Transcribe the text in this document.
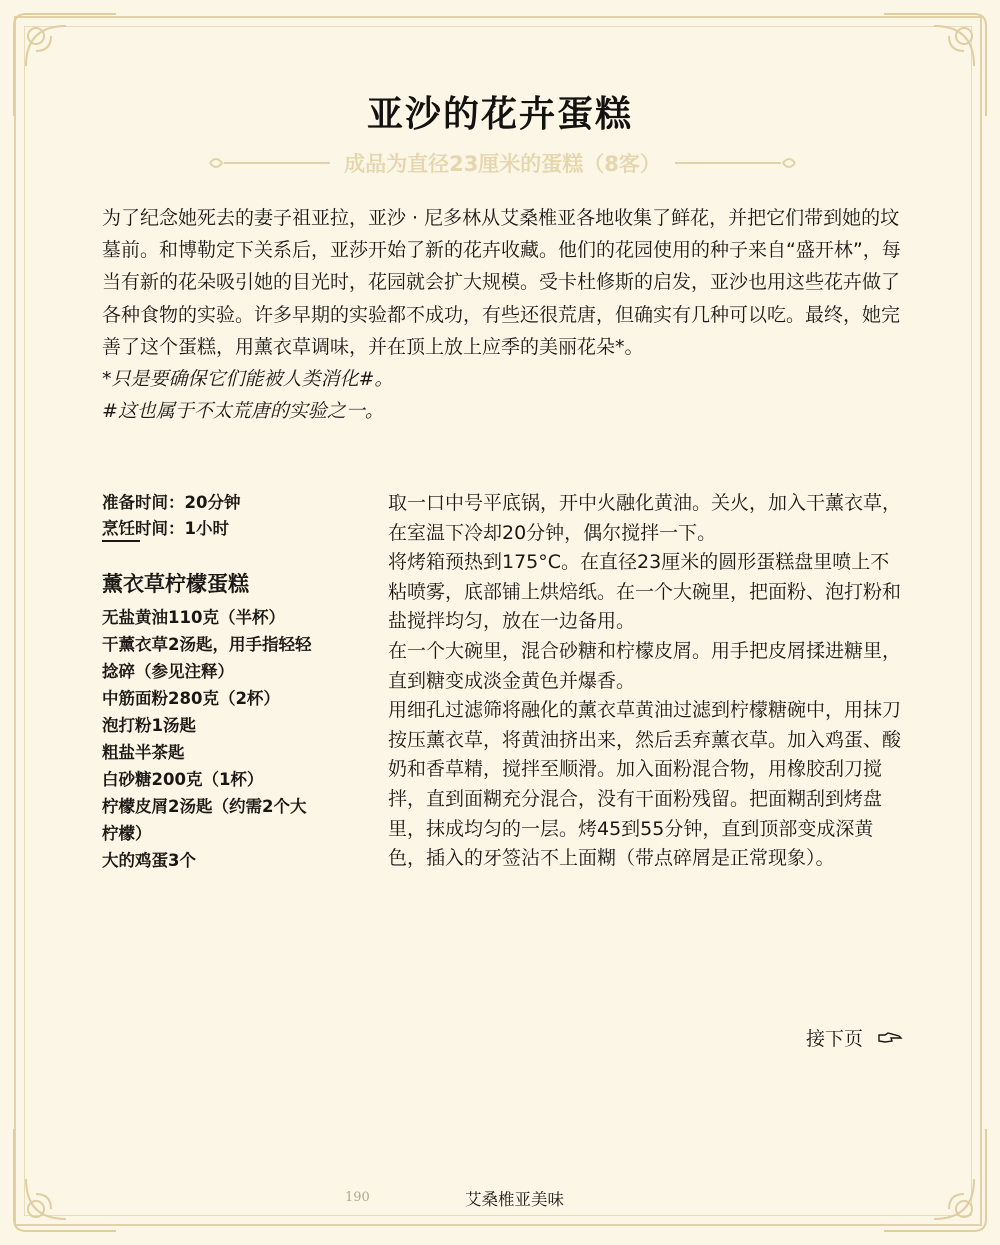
亚沙的花卉蛋糕
成品为直径23厘米的蛋糕（8客）

为了纪念她死去的妻子祖亚拉，亚沙 · 尼多林从艾桑椎亚各地收集了鲜花，并把它们带到她的坟墓前。和博勒定下关系后，亚莎开始了新的花卉收藏。他们的花园使用的种子来自“盛开林”，每当有新的花朵吸引她的目光时，花园就会扩大规模。受卡杜修斯的启发，亚沙也用这些花卉做了各种食物的实验。许多早期的实验都不成功，有些还很荒唐，但确实有几种可以吃。最终，她完善了这个蛋糕，用薰衣草调味，并在顶上放上应季的美丽花朵*。

*只是要确保它们能被人类消化#。

#这也属于不太荒唐的实验之一。

准备时间：20分钟
烹饪时间：1小时
薰衣草柠檬蛋糕
无盐黄油110克（半杯）
干薰衣草2汤匙，用手指轻轻捻碎（参见注释）
中筋面粉280克（2杯）
泡打粉1汤匙
粗盐半茶匙
白砂糖200克（1杯）
柠檬皮屑2汤匙（约需2个大柠檬）
大的鸡蛋3个

取一口中号平底锅，开中火融化黄油。关火，加入干薰衣草，在室温下冷却20分钟，偶尔搅拌一下。

将烤箱预热到175°C。在直径23厘米的圆形蛋糕盘里喷上不粘喷雾，底部铺上烘焙纸。在一个大碗里，把面粉、泡打粉和盐搅拌均匀，放在一边备用。

在一个大碗里，混合砂糖和柠檬皮屑。用手把皮屑揉进糖里，直到糖变成淡金黄色并爆香。

用细孔过滤筛将融化的薰衣草黄油过滤到柠檬糖碗中，用抹刀按压薰衣草，将黄油挤出来，然后丢弃薰衣草。加入鸡蛋、酸奶和香草精，搅拌至顺滑。加入面粉混合物，用橡胶刮刀搅拌，直到面糊充分混合，没有干面粉残留。把面糊刮到烤盘里，抹成均匀的一层。烤45到55分钟，直到顶部变成深黄色，插入的牙签沾不上面糊（带点碎屑是正常现象）。

接下页
190	艾桑椎亚美味
